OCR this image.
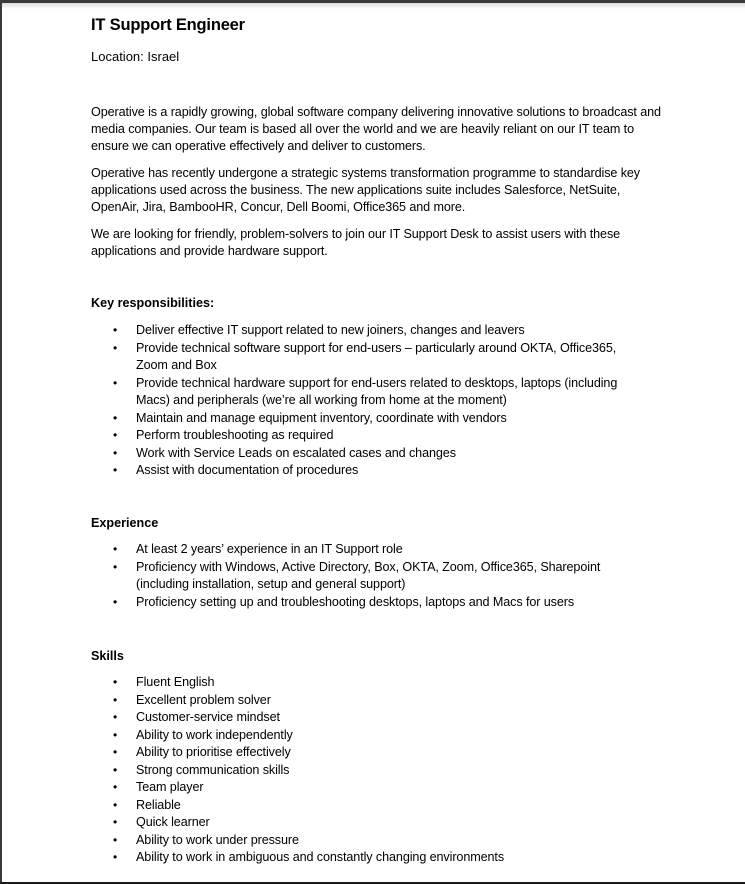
IT Support Engineer
Location: Israel

Operative is a rapidly growing, global software company delivering innovative solutions to broadcast and media companies. Our team is based all over the world and we are heavily reliant on our IT team to ensure we can operative effectively and deliver to customers.

Operative has recently undergone a strategic systems transformation programme to standardise key applications used across the business. The new applications suite includes Salesforce, NetSuite, OpenAir, Jira, BambooHR, Concur, Dell Boomi, Office365 and more.

We are looking for friendly, problem-solvers to join our IT Support Desk to assist users with these applications and provide hardware support.

Key responsibilities:
• Deliver effective IT support related to new joiners, changes and leavers
• Provide technical software support for end-users – particularly around OKTA, Office365, Zoom and Box
• Provide technical hardware support for end-users related to desktops, laptops (including Macs) and peripherals (we’re all working from home at the moment)
• Maintain and manage equipment inventory, coordinate with vendors
• Perform troubleshooting as required
• Work with Service Leads on escalated cases and changes
• Assist with documentation of procedures
Experience
• At least 2 years’ experience in an IT Support role
• Proficiency with Windows, Active Directory, Box, OKTA, Zoom, Office365, Sharepoint (including installation, setup and general support)
• Proficiency setting up and troubleshooting desktops, laptops and Macs for users
Skills
• Fluent English
• Excellent problem solver
• Customer-service mindset
• Ability to work independently
• Ability to prioritise effectively
• Strong communication skills
• Team player
• Reliable
• Quick learner
• Ability to work under pressure
• Ability to work in ambiguous and constantly changing environments
